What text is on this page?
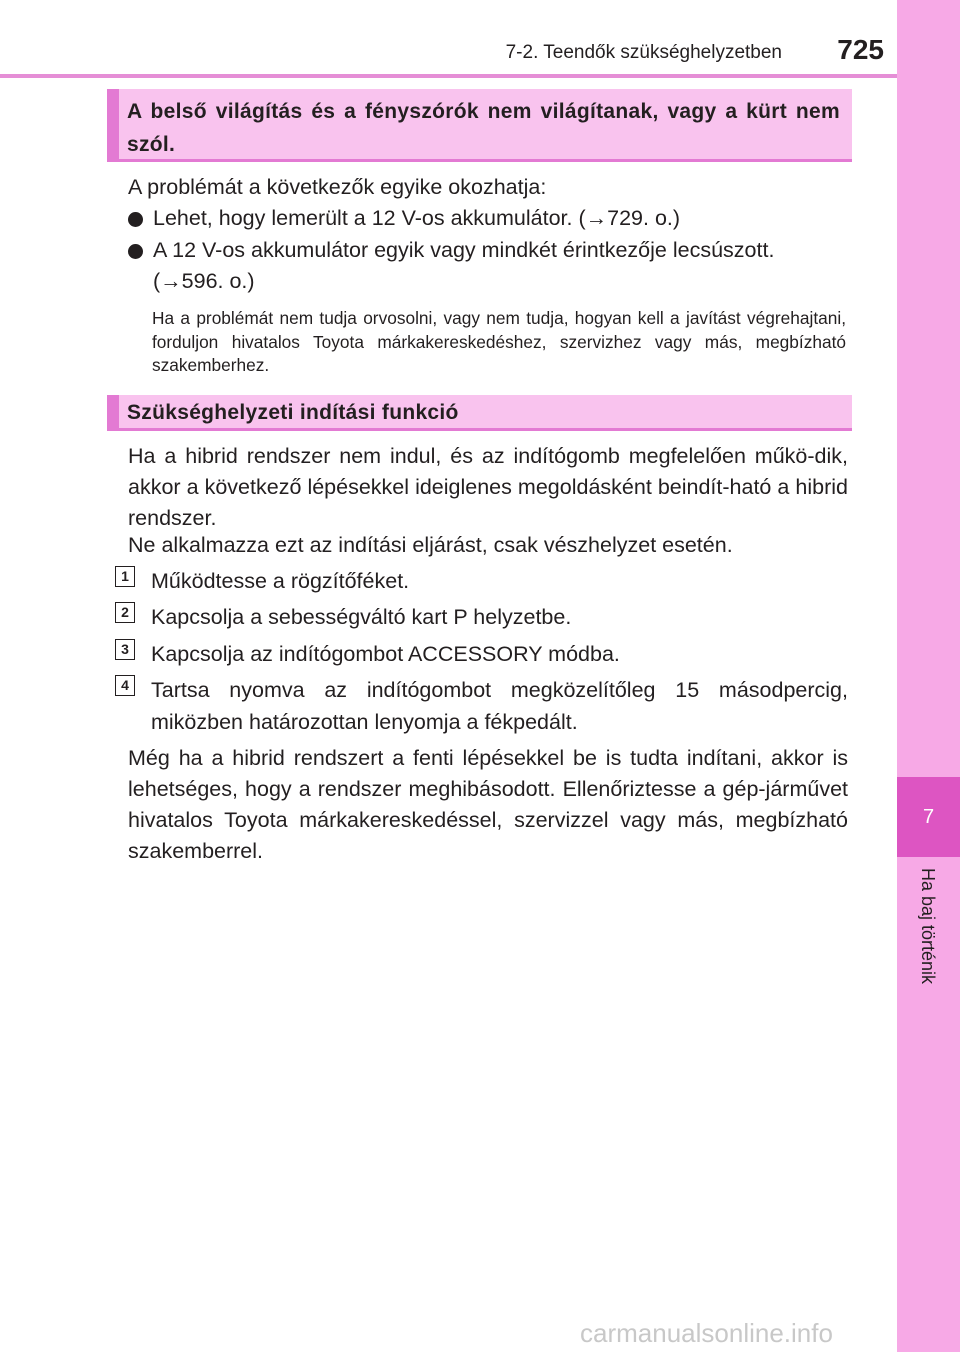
7
Ha baj történik
7-2. Teendők szükséghelyzetben	725
A belső világítás és a fényszórók nem világítanak, vagy a kürt nem szól.
A problémát a következők egyike okozhatja:
Lehet, hogy lemerült a 12 V-os akkumulátor. (→729. o.)
A 12 V-os akkumulátor egyik vagy mindkét érintkezője lecsúszott. (→596. o.)
Ha a problémát nem tudja orvosolni, vagy nem tudja, hogyan kell a javítást végrehajtani, forduljon hivatalos Toyota márkakereskedéshez, szervizhez vagy más, megbízható szakemberhez.
Szükséghelyzeti indítási funkció
Ha a hibrid rendszer nem indul, és az indítógomb megfelelően műkö-dik, akkor a következő lépésekkel ideiglenes megoldásként beindít-ható a hibrid rendszer.
Ne alkalmazza ezt az indítási eljárást, csak vészhelyzet esetén.
1 Működtesse a rögzítőféket.
2 Kapcsolja a sebességváltó kart P helyzetbe.
3 Kapcsolja az indítógombot ACCESSORY módba.
4 Tartsa nyomva az indítógombot megközelítőleg 15 másodpercig, miközben határozottan lenyomja a fékpedált.
Még ha a hibrid rendszert a fenti lépésekkel be is tudta indítani, akkor is lehetséges, hogy a rendszer meghibásodott. Ellenőriztesse a gép-járművet hivatalos Toyota márkakereskedéssel, szervizzel vagy más, megbízható szakemberrel.
carmanualsonline.info
